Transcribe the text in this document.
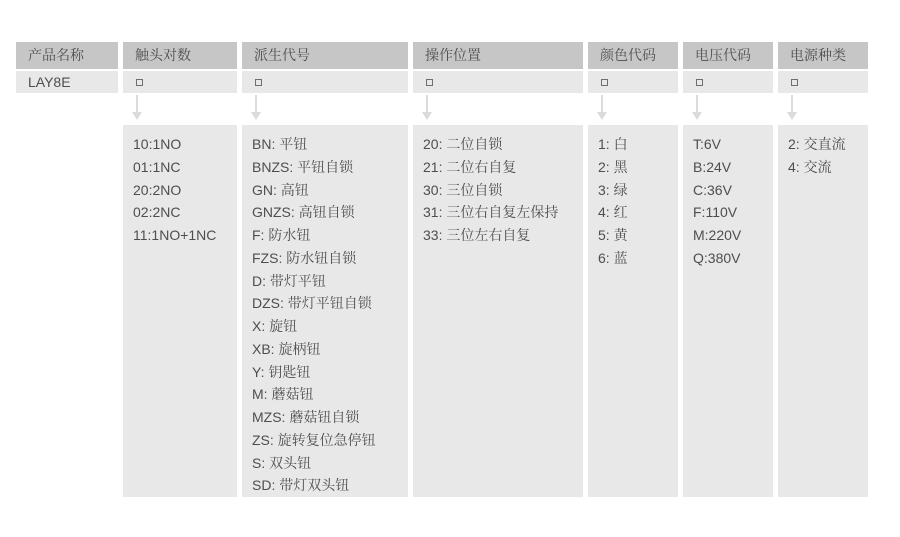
产品名称
LAY8E
触头对数
10:1NO
01:1NC
20:2NO
02:2NC
11:1NO+1NC
派生代号
BN: 平钮
BNZS: 平钮自锁
GN: 高钮
GNZS: 高钮自锁
F: 防水钮
FZS: 防水钮自锁
D: 带灯平钮
DZS: 带灯平钮自锁
X: 旋钮
XB: 旋柄钮
Y: 钥匙钮
M: 蘑菇钮
MZS: 蘑菇钮自锁
ZS: 旋转复位急停钮
S: 双头钮
SD: 带灯双头钮
操作位置
20: 二位自锁
21: 二位右自复
30: 三位自锁
31: 三位右自复左保持
33: 三位左右自复
颜色代码
1: 白
2: 黑
3: 绿
4: 红
5: 黄
6: 蓝
电压代码
T:6V
B:24V
C:36V
F:110V
M:220V
Q:380V
电源种类
2: 交直流
4: 交流
